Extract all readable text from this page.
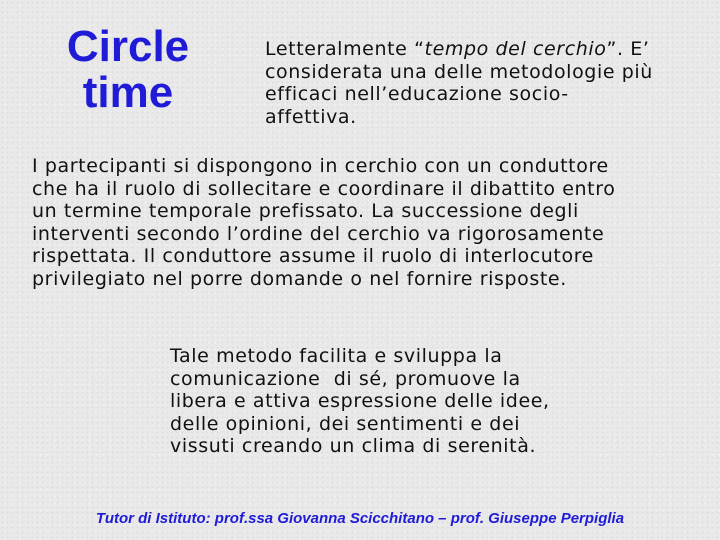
Circle
time
Letteralmente “tempo del cerchio”. E’
considerata una delle metodologie più
efficaci nell’educazione socio-
affettiva.
I partecipanti si dispongono in cerchio con un conduttore
che ha il ruolo di sollecitare e coordinare il dibattito entro
un termine temporale prefissato. La successione degli
interventi secondo l’ordine del cerchio va rigorosamente
rispettata. Il conduttore assume il ruolo di interlocutore
privilegiato nel porre domande o nel fornire risposte.
Tale metodo facilita e sviluppa la
comunicazione  di sé, promuove la
libera e attiva espressione delle idee,
delle opinioni, dei sentimenti e dei
vissuti creando un clima di serenità.
Tutor di Istituto: prof.ssa Giovanna Scicchitano – prof. Giuseppe Perpiglia
